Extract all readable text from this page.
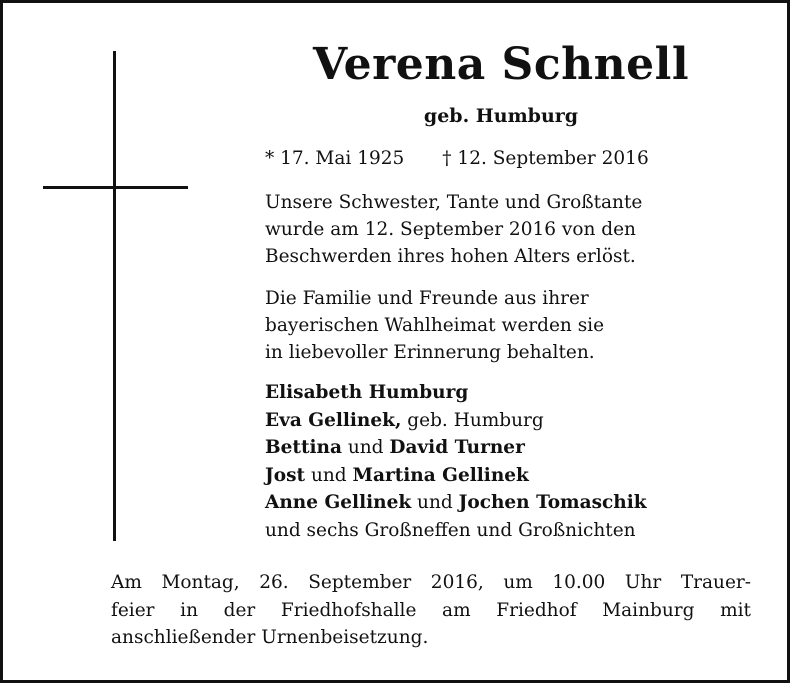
Verena Schnell
geb. Humburg
* 17. Mai 1925 † 12. September 2016
Unsere Schwester, Tante und Großtante
wurde am 12. September 2016 von den
Beschwerden ihres hohen Alters erlöst.
Die Familie und Freunde aus ihrer
bayerischen Wahlheimat werden sie
in liebevoller Erinnerung behalten.
Elisabeth Humburg
Eva Gellinek, geb. Humburg
Bettina und David Turner
Jost und Martina Gellinek
Anne Gellinek und Jochen Tomaschik
und sechs Großneffen und Großnichten
Am Montag, 26. September 2016, um 10.00 Uhr Trauer-
feier in der Friedhofshalle am Friedhof Mainburg mit
anschließender Urnenbeisetzung.
